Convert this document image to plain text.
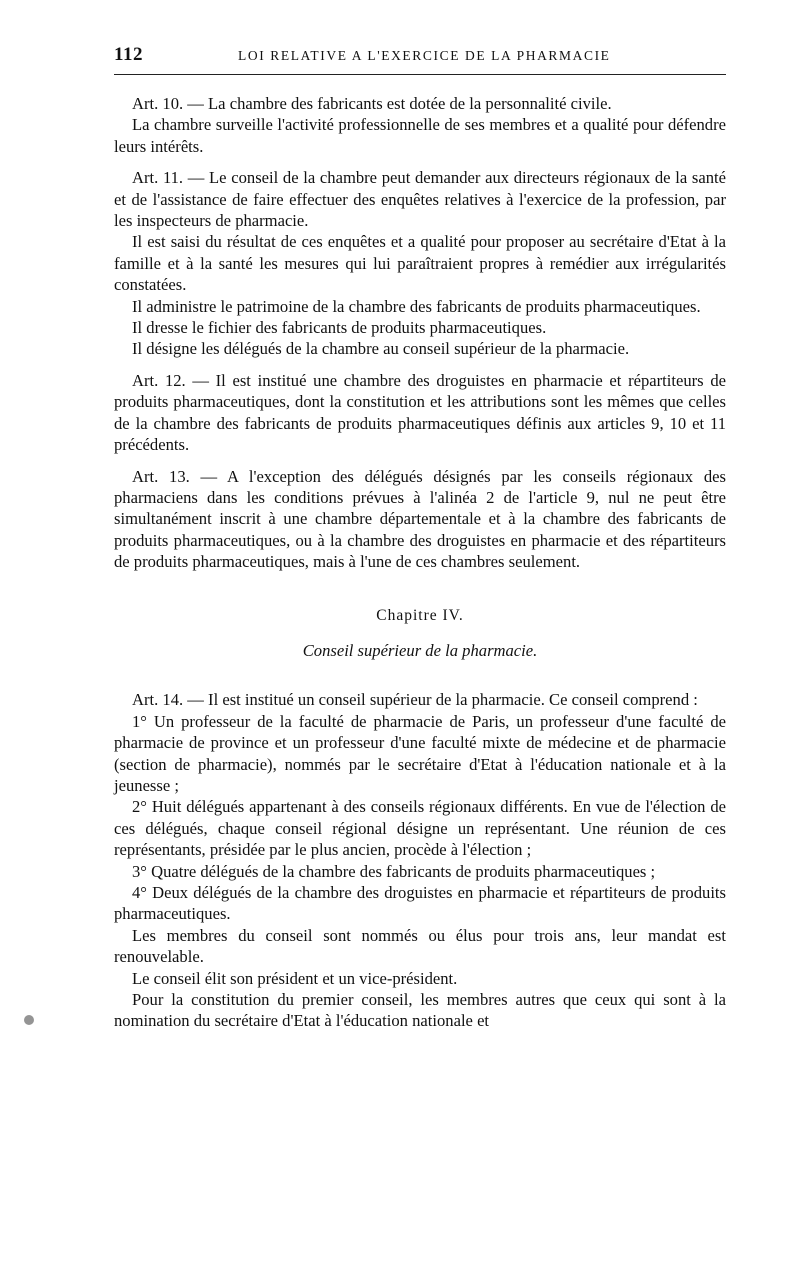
112	LOI RELATIVE A L'EXERCICE DE LA PHARMACIE

Art. 10. — La chambre des fabricants est dotée de la personnalité civile.

La chambre surveille l'activité professionnelle de ses membres et a qualité pour défendre leurs intérêts.

Art. 11. — Le conseil de la chambre peut demander aux directeurs régionaux de la santé et de l'assistance de faire effectuer des enquêtes relatives à l'exercice de la profession, par les inspecteurs de pharmacie.

Il est saisi du résultat de ces enquêtes et a qualité pour proposer au secrétaire d'Etat à la famille et à la santé les mesures qui lui paraîtraient propres à remédier aux irrégularités constatées.

Il administre le patrimoine de la chambre des fabricants de produits pharmaceutiques.

Il dresse le fichier des fabricants de produits pharmaceutiques.

Il désigne les délégués de la chambre au conseil supérieur de la pharmacie.

Art. 12. — Il est institué une chambre des droguistes en pharmacie et répartiteurs de produits pharmaceutiques, dont la constitution et les attributions sont les mêmes que celles de la chambre des fabricants de produits pharmaceutiques définis aux articles 9, 10 et 11 précédents.

Art. 13. — A l'exception des délégués désignés par les conseils régionaux des pharmaciens dans les conditions prévues à l'alinéa 2 de l'article 9, nul ne peut être simultanément inscrit à une chambre départementale et à la chambre des fabricants de produits pharmaceutiques, ou à la chambre des droguistes en pharmacie et des répartiteurs de produits pharmaceutiques, mais à l'une de ces chambres seulement.

Chapitre IV.

Conseil supérieur de la pharmacie.

Art. 14. — Il est institué un conseil supérieur de la pharmacie. Ce conseil comprend :

1° Un professeur de la faculté de pharmacie de Paris, un professeur d'une faculté de pharmacie de province et un professeur d'une faculté mixte de médecine et de pharmacie (section de pharmacie), nommés par le secrétaire d'Etat à l'éducation nationale et à la jeunesse ;

2° Huit délégués appartenant à des conseils régionaux différents. En vue de l'élection de ces délégués, chaque conseil régional désigne un représentant. Une réunion de ces représentants, présidée par le plus ancien, procède à l'élection ;

3° Quatre délégués de la chambre des fabricants de produits pharmaceutiques ;

4° Deux délégués de la chambre des droguistes en pharmacie et répartiteurs de produits pharmaceutiques.

Les membres du conseil sont nommés ou élus pour trois ans, leur mandat est renouvelable.

Le conseil élit son président et un vice-président.

Pour la constitution du premier conseil, les membres autres que ceux qui sont à la nomination du secrétaire d'Etat à l'éducation nationale et
